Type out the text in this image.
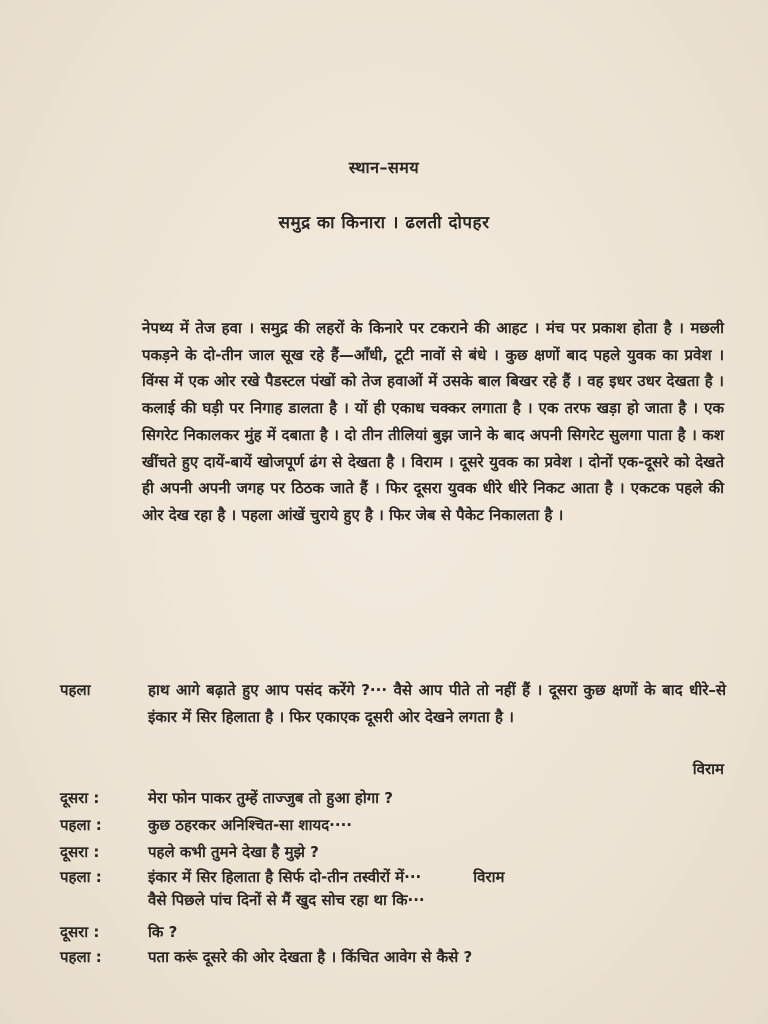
स्थान–समय
समुद्र का किनारा । ढलती दोपहर
नेपथ्य में तेज हवा । समुद्र की लहरों के किनारे पर टकराने की आहट । मंच पर प्रकाश होता है । मछली पकड़ने के दो-तीन जाल सूख रहे हैं—आँधी, टूटी नावों से बंधे । कुछ क्षणों बाद पहले युवक का प्रवेश । विंग्स में एक ओर रखे पैडस्टल पंखों को तेज हवाओं में उसके बाल बिखर रहे हैं । वह इधर उधर देखता है । कलाई की घड़ी पर निगाह डालता है । यों ही एकाध चक्कर लगाता है । एक तरफ खड़ा हो जाता है । एक सिगरेट निकालकर मुंह में दबाता है । दो तीन तीलियां बुझ जाने के बाद अपनी सिगरेट सुलगा पाता है । कश खींचते हुए दायें-बायें खोजपूर्ण ढंग से देखता है । विराम । दूसरे युवक का प्रवेश । दोनों एक-दूसरे को देखते ही अपनी अपनी जगह पर ठिठक जाते हैं । फिर दूसरा युवक धीरे धीरे निकट आता है । एकटक पहले की ओर देख रहा है । पहला आंखें चुराये हुए है । फिर जेब से पैकेट निकालता है ।
पहला	हाथ आगे बढ़ाते हुए आप पसंद करेंगे ?··· वैसे आप पीते तो नहीं हैं । दूसरा कुछ क्षणों के बाद धीरे–से इंकार में सिर हिलाता है । फिर एकाएक दूसरी ओर देखने लगता है ।
विराम
दूसरा :	मेरा फोन पाकर तुम्हें ताज्जुब तो हुआ होगा ?
पहला :	कुछ ठहरकर अनिश्चित-सा शायद····
दूसरा :	पहले कभी तुमने देखा है मुझे ?
पहला :	इंकार में सिर हिलाता है सिर्फ दो-तीन तस्वीरों में···	विराम
वैसे पिछले पांच दिनों से मैं खुद सोच रहा था कि···
दूसरा :	कि ?
पहला :	पता करूं दूसरे की ओर देखता है । किंचित आवेग से कैसे ?
